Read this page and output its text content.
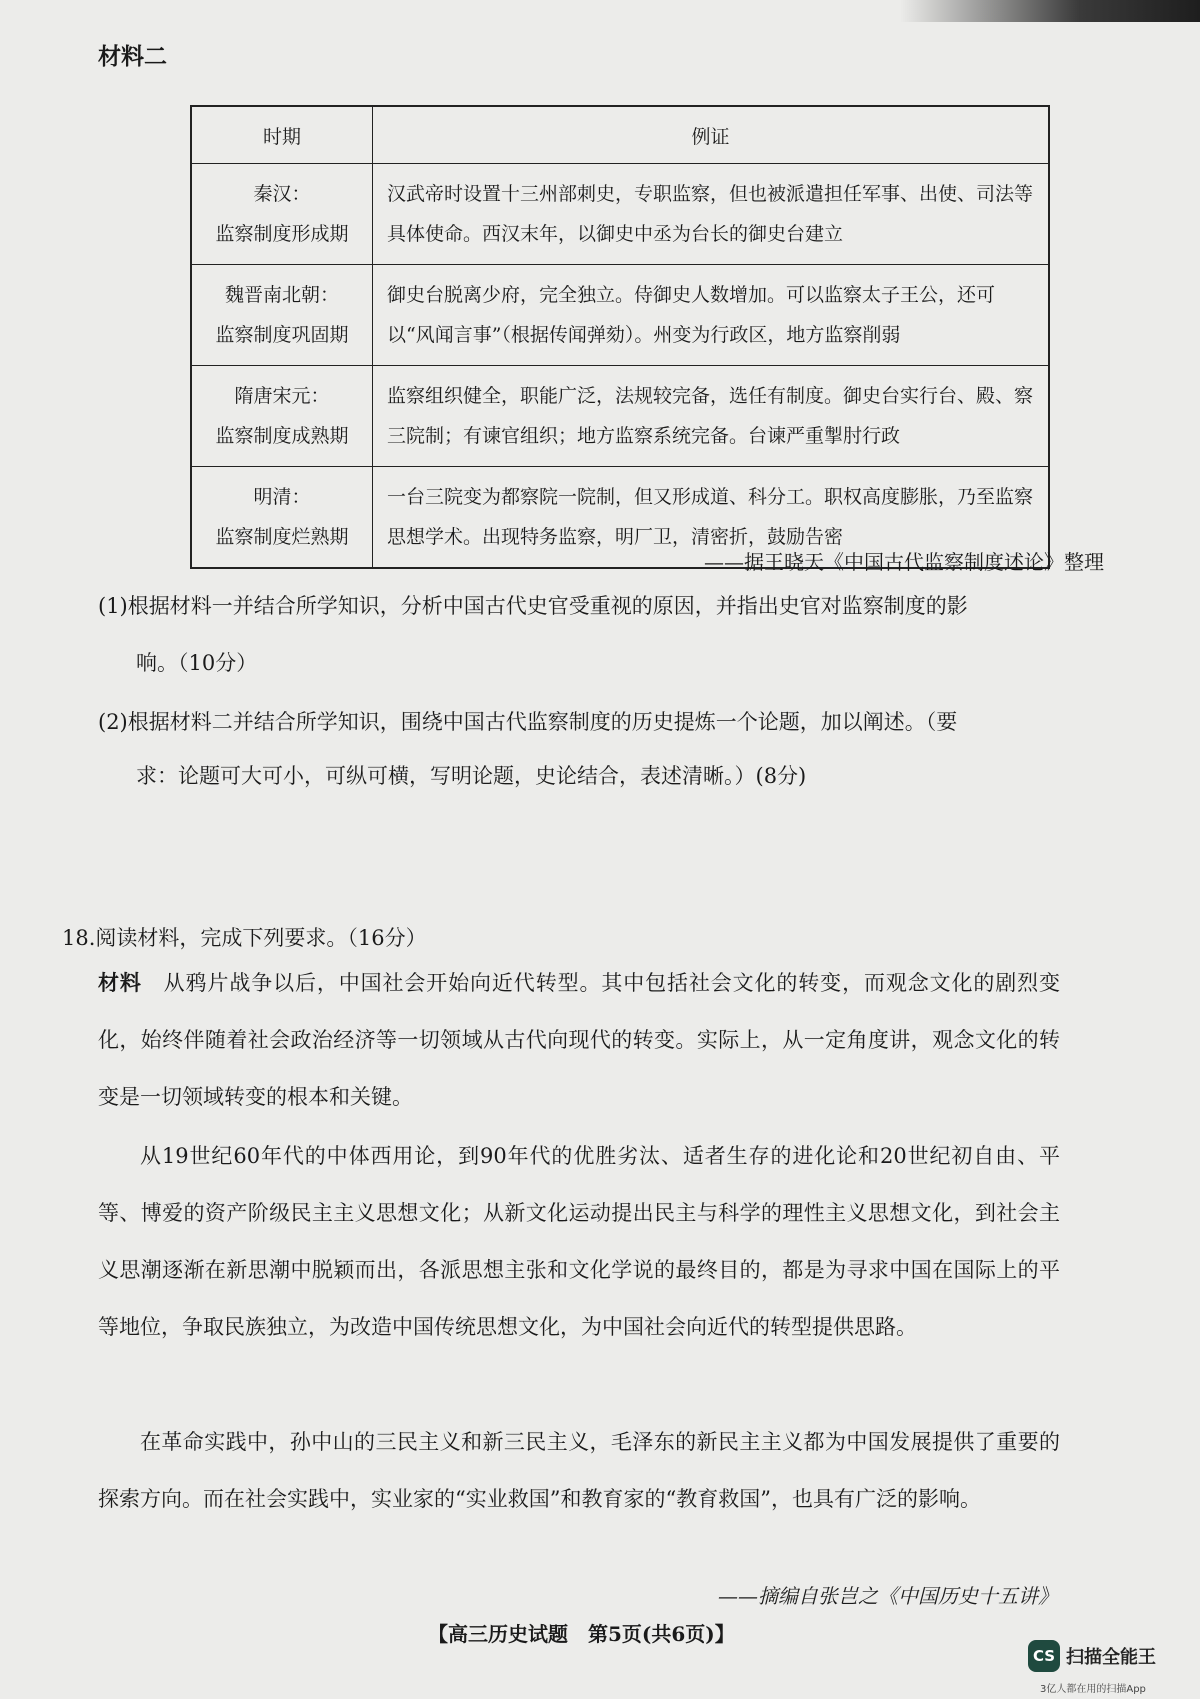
材料二
时期	例证

秦汉：
监察制度形成期	汉武帝时设置十三州部刺史，专职监察，但也被派遣担任军事、出使、司法等具体使命。西汉末年，以御史中丞为台长的御史台建立

魏晋南北朝：
监察制度巩固期	御史台脱离少府，完全独立。侍御史人数增加。可以监察太子王公，还可以“风闻言事”（根据传闻弹劾）。州变为行政区，地方监察削弱

隋唐宋元：
监察制度成熟期	监察组织健全，职能广泛，法规较完备，选任有制度。御史台实行台、殿、察三院制；有谏官组织；地方监察系统完备。台谏严重掣肘行政

明清：
监察制度烂熟期	一台三院变为都察院一院制，但又形成道、科分工。职权高度膨胀，乃至监察思想学术。出现特务监察，明厂卫，清密折，鼓励告密
——据王晓天《中国古代监察制度述论》整理
(1)根据材料一并结合所学知识，分析中国古代史官受重视的原因，并指出史官对监察制度的影
响。（10分）
(2)根据材料二并结合所学知识，围绕中国古代监察制度的历史提炼一个论题，加以阐述。（要
求：论题可大可小，可纵可横，写明论题，史论结合，表述清晰。）(8分)
18.阅读材料，完成下列要求。（16分）
材料　 从鸦片战争以后，中国社会开始向近代转型。其中包括社会文化的转变，而观念文化的剧烈变化，始终伴随着社会政治经济等一切领域从古代向现代的转变。实际上，从一定角度讲，观念文化的转变是一切领域转变的根本和关键。
从19世纪60年代的中体西用论，到90年代的优胜劣汰、适者生存的进化论和20世纪初自由、平等、博爱的资产阶级民主主义思想文化；从新文化运动提出民主与科学的理性主义思想文化，到社会主义思潮逐渐在新思潮中脱颖而出，各派思想主张和文化学说的最终目的，都是为寻求中国在国际上的平等地位，争取民族独立，为改造中国传统思想文化，为中国社会向近代的转型提供思路。
在革命实践中，孙中山的三民主义和新三民主义，毛泽东的新民主主义都为中国发展提供了重要的探索方向。而在社会实践中，实业家的“实业救国”和教育家的“教育救国”，也具有广泛的影响。
——摘编自张岂之《中国历史十五讲》
【高三历史试题　第5页(共6页)】
CS 扫描全能王
3亿人都在用的扫描App
